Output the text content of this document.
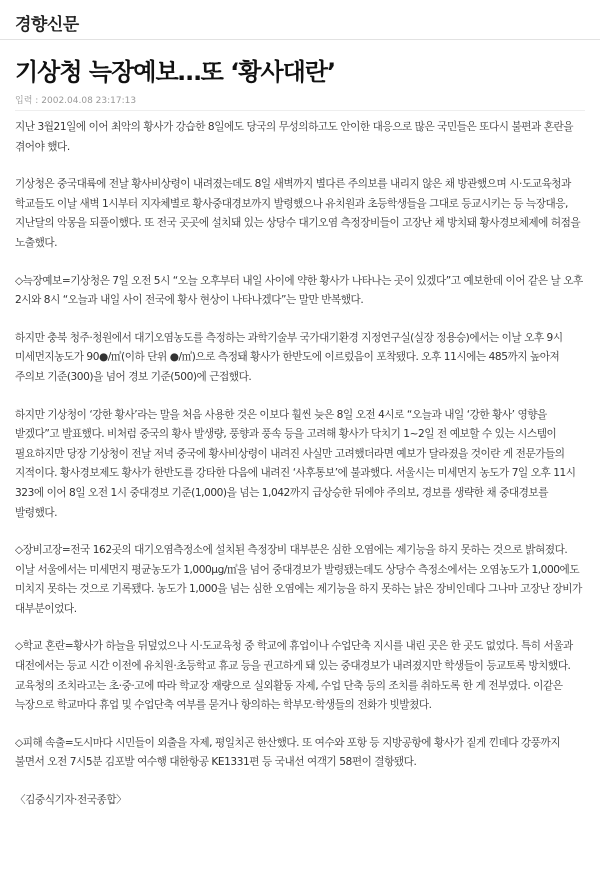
경향신문
기상청 늑장예보…또 ‘황사대란’
입력 : 2002.04.08 23:17:13

지난 3월21일에 이어 최악의 황사가 강습한 8일에도 당국의 무성의하고도 안이한 대응으로 많은 국민들은 또다시 불편과 혼란을 겪어야 했다.

기상청은 중국대륙에 전날 황사비상령이 내려졌는데도 8일 새벽까지 별다른 주의보를 내리지 않은 채 방관했으며 시·도교육청과 학교들도 이날 새벽 1시부터 지자체별로 황사중대경보까지 발령했으나 유치원과 초등학생들을 그대로 등교시키는 등 늑장대응, 지난달의 악몽을 되풀이했다. 또 전국 곳곳에 설치돼 있는 상당수 대기오염 측정장비들이 고장난 채 방치돼 황사경보체제에 허점을 노출했다.

◇늑장예보=기상청은 7일 오전 5시 “오늘 오후부터 내일 사이에 약한 황사가 나타나는 곳이 있겠다”고 예보한데 이어 같은 날 오후 2시와 8시 “오늘과 내일 사이 전국에 황사 현상이 나타나겠다”는 말만 반복했다.

하지만 충북 청주·청원에서 대기오염농도를 측정하는 과학기술부 국가대기환경 지정연구실(실장 정용승)에서는 이날 오후 9시 미세먼지농도가 90●/㎥(이하 단위 ●/㎥)으로 측정돼 황사가 한반도에 이르렀음이 포착됐다. 오후 11시에는 485까지 높아져 주의보 기준(300)을 넘어 경보 기준(500)에 근접했다.

하지만 기상청이 ‘강한 황사’라는 말을 처음 사용한 것은 이보다 훨씬 늦은 8일 오전 4시로 “오늘과 내일 ‘강한 황사’ 영향을 받겠다”고 발표했다. 비처럼 중국의 황사 발생량, 풍향과 풍속 등을 고려해 황사가 닥치기 1~2일 전 예보할 수 있는 시스템이 필요하지만 당장 기상청이 전날 저녁 중국에 황사비상령이 내려진 사실만 고려했더라면 예보가 달라졌을 것이란 게 전문가들의 지적이다. 황사경보제도 황사가 한반도를 강타한 다음에 내려진 ‘사후통보’에 불과했다. 서울시는 미세먼지 농도가 7일 오후 11시 323에 이어 8일 오전 1시 중대경보 기준(1,000)을 넘는 1,042까지 급상승한 뒤에야 주의보, 경보를 생략한 채 중대경보를 발령했다.

◇장비고장=전국 162곳의 대기오염측정소에 설치된 측정장비 대부분은 심한 오염에는 제기능을 하지 못하는 것으로 밝혀졌다. 이날 서울에서는 미세먼지 평균농도가 1,000μg/㎥을 넘어 중대경보가 발령됐는데도 상당수 측정소에서는 오염농도가 1,000에도 미치지 못하는 것으로 기록됐다. 농도가 1,000을 넘는 심한 오염에는 제기능을 하지 못하는 낡은 장비인데다 그나마 고장난 장비가 대부분이었다.

◇학교 혼란=황사가 하늘을 뒤덮었으나 시·도교육청 중 학교에 휴업이나 수업단축 지시를 내린 곳은 한 곳도 없었다. 특히 서울과 대전에서는 등교 시간 이전에 유치원·초등학교 휴교 등을 권고하게 돼 있는 중대경보가 내려졌지만 학생들이 등교토록 방치했다. 교육청의 조치라고는 초·중·고에 따라 학교장 재량으로 실외활동 자제, 수업 단축 등의 조치를 취하도록 한 게 전부였다. 이같은 늑장으로 학교마다 휴업 및 수업단축 여부를 묻거나 항의하는 학부모·학생들의 전화가 빗발쳤다.

◇피해 속출=도시마다 시민들이 외출을 자제, 평일치곤 한산했다. 또 여수와 포항 등 지방공항에 황사가 짙게 낀데다 강풍까지 불면서 오전 7시5분 김포발 여수행 대한항공 KE1331편 등 국내선 여객기 58편이 결항됐다.

〈김중식기자·전국종합〉
